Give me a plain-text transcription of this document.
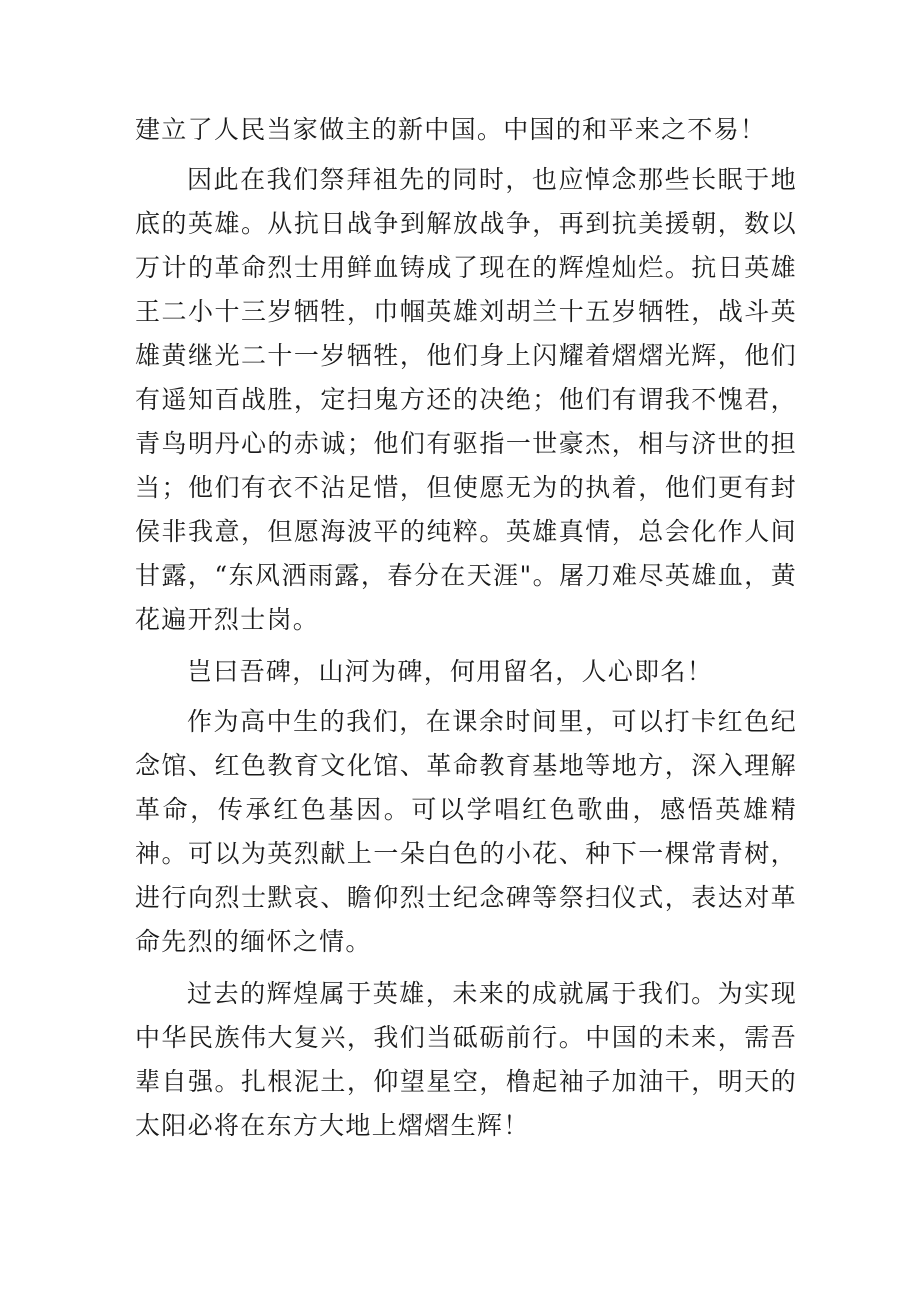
建立了人民当家做主的新中国。中国的和平来之不易！

因此在我们祭拜祖先的同时，也应悼念那些长眠于地底的英雄。从抗日战争到解放战争，再到抗美援朝，数以万计的革命烈士用鲜血铸成了现在的辉煌灿烂。抗日英雄王二小十三岁牺牲，巾帼英雄刘胡兰十五岁牺牲，战斗英雄黄继光二十一岁牺牲，他们身上闪耀着熠熠光辉，他们有遥知百战胜，定扫鬼方还的决绝；他们有谓我不愧君，青鸟明丹心的赤诚；他们有驱指一世豪杰，相与济世的担当；他们有衣不沾足惜，但使愿无为的执着，他们更有封侯非我意，但愿海波平的纯粹。英雄真情，总会化作人间甘露，“东风洒雨露，春分在天涯"。屠刀难尽英雄血，黄花遍开烈士岗。

岂曰吾碑，山河为碑，何用留名，人心即名！

作为高中生的我们，在课余时间里，可以打卡红色纪念馆、红色教育文化馆、革命教育基地等地方，深入理解革命，传承红色基因。可以学唱红色歌曲，感悟英雄精神。可以为英烈献上一朵白色的小花、种下一棵常青树，进行向烈士默哀、瞻仰烈士纪念碑等祭扫仪式，表达对革命先烈的缅怀之情。

过去的辉煌属于英雄，未来的成就属于我们。为实现中华民族伟大复兴，我们当砥砺前行。中国的未来，需吾辈自强。扎根泥土，仰望星空，橹起袖子加油干，明天的太阳必将在东方大地上熠熠生辉！
